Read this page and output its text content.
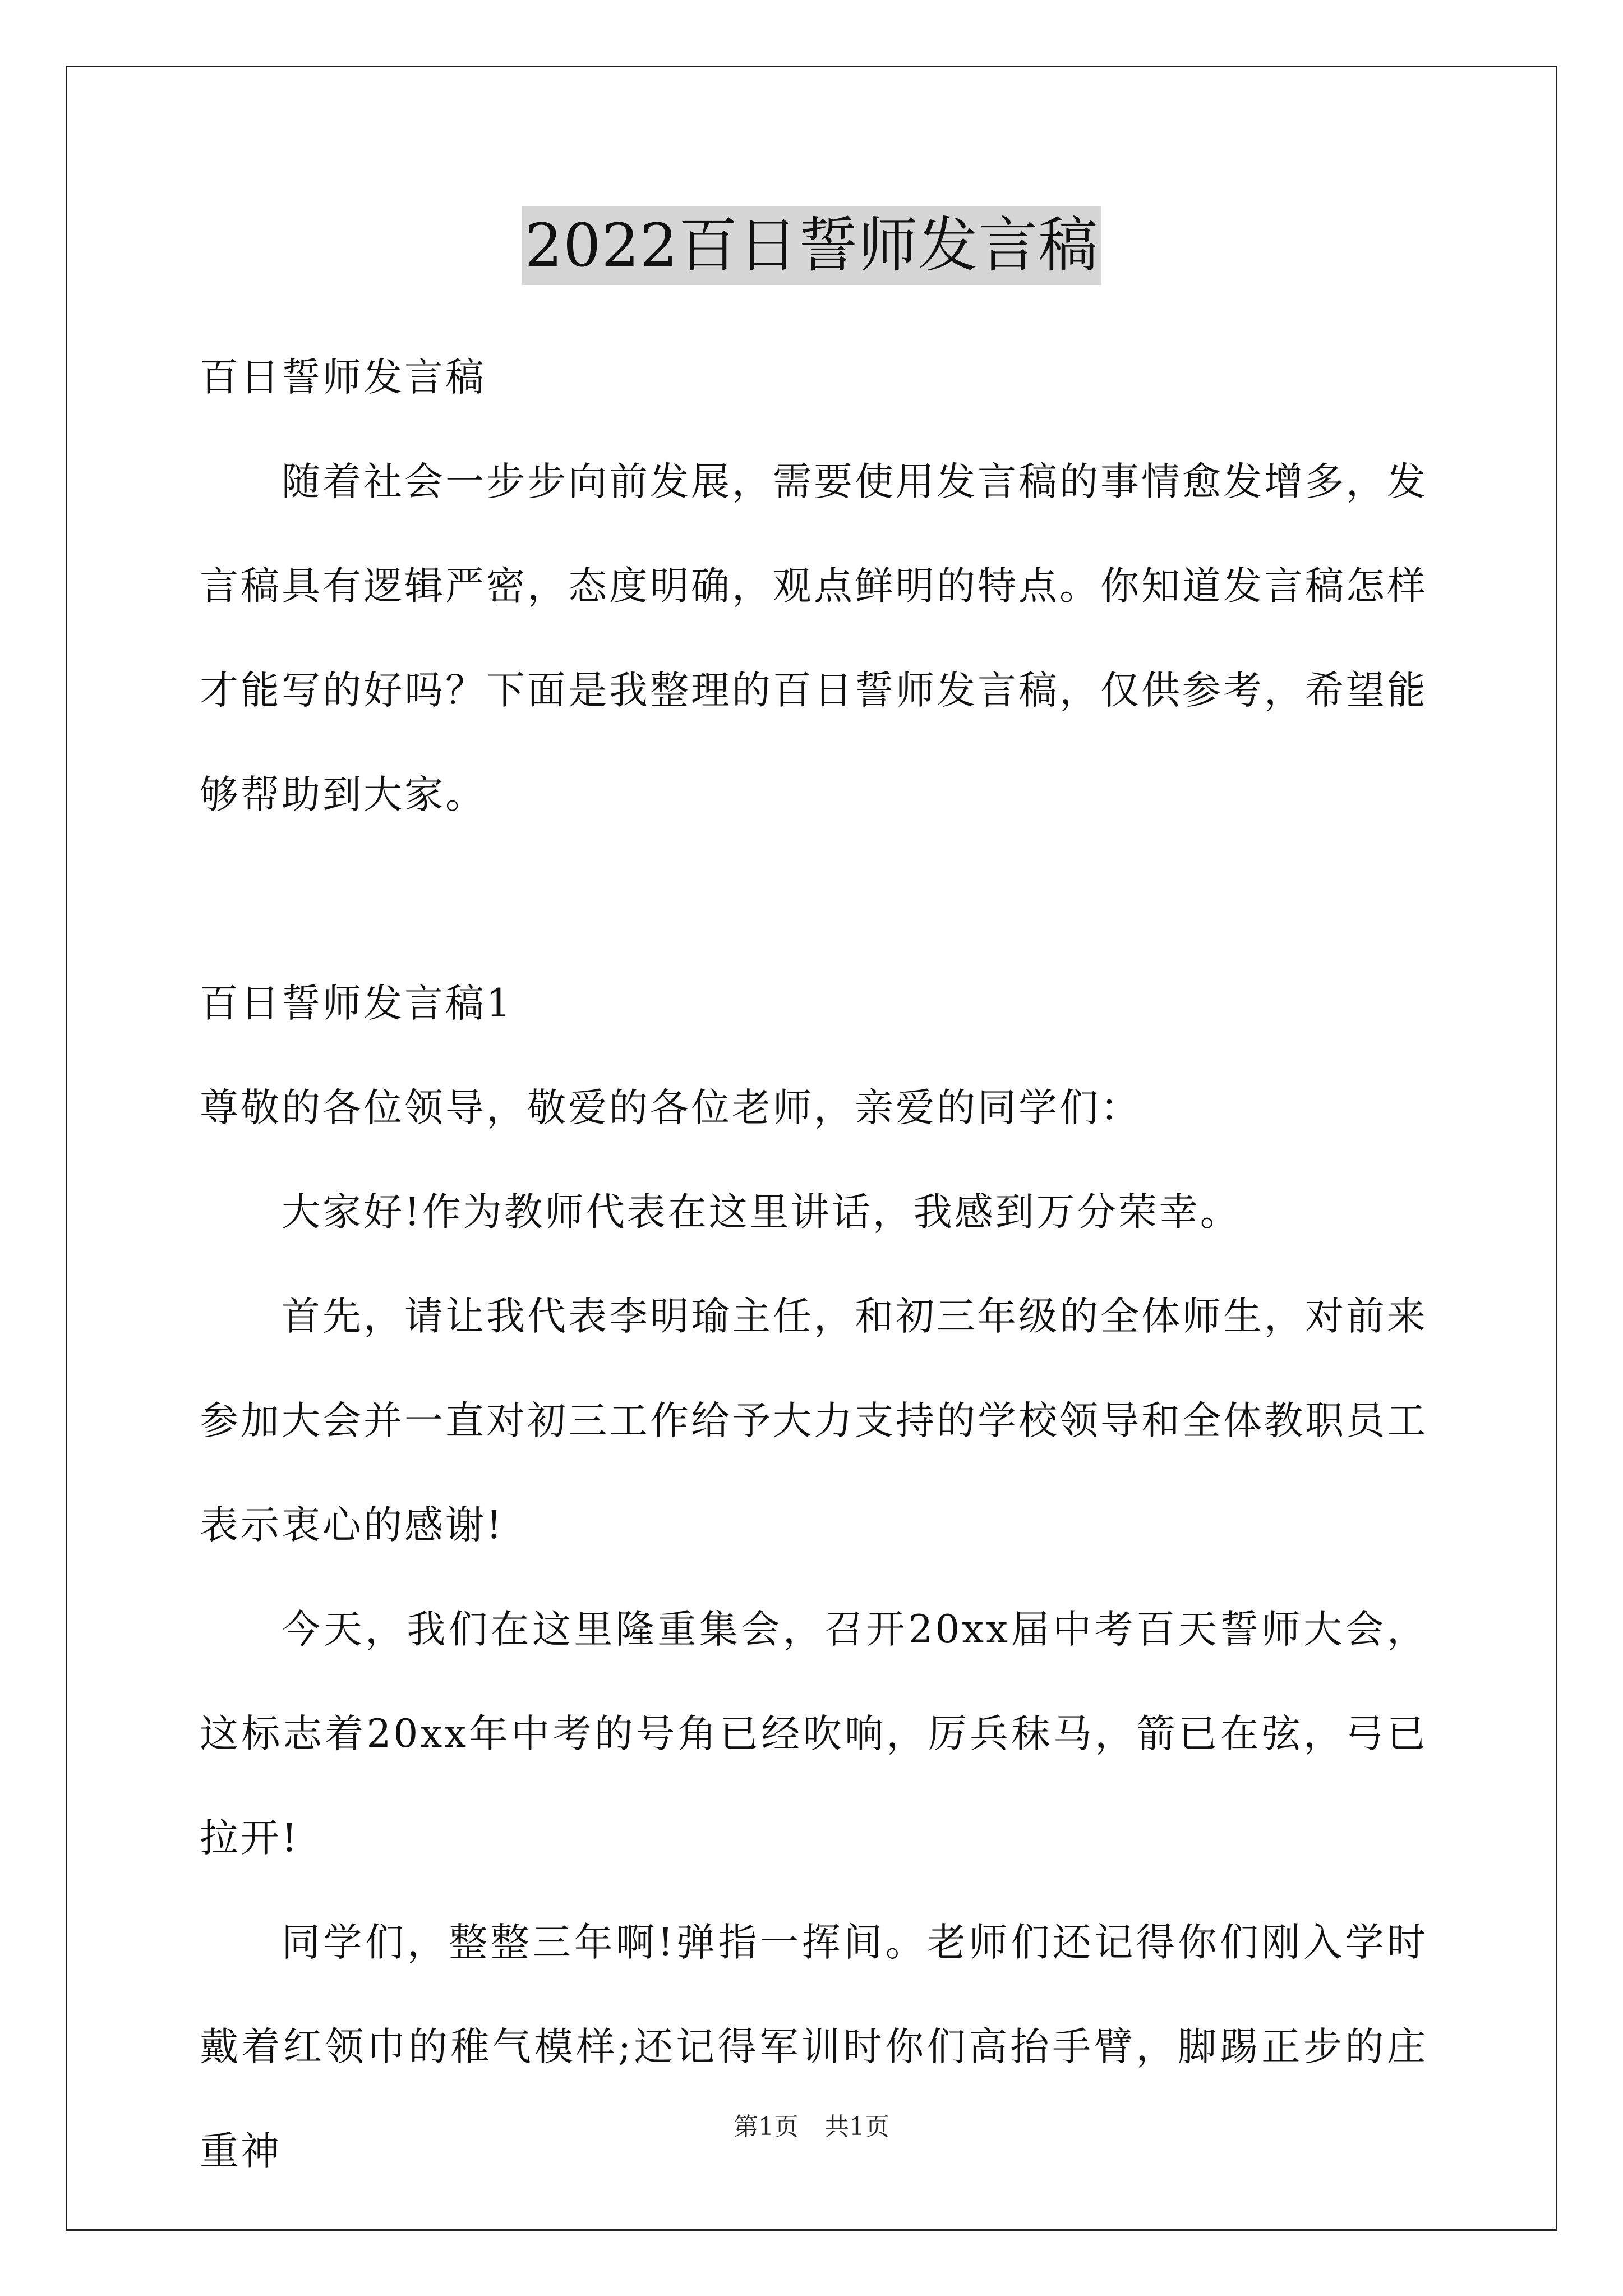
2022百日誓师发言稿

百日誓师发言稿

随着社会一步步向前发展，需要使用发言稿的事情愈发增多，发言稿具有逻辑严密，态度明确，观点鲜明的特点。你知道发言稿怎样才能写的好吗？下面是我整理的百日誓师发言稿，仅供参考，希望能够帮助到大家。

百日誓师发言稿1

尊敬的各位领导，敬爱的各位老师，亲爱的同学们：

大家好!作为教师代表在这里讲话，我感到万分荣幸。

首先，请让我代表李明瑜主任，和初三年级的全体师生，对前来参加大会并一直对初三工作给予大力支持的学校领导和全体教职员工表示衷心的感谢!

今天，我们在这里隆重集会，召开20xx届中考百天誓师大会，这标志着20xx年中考的号角已经吹响，厉兵秣马，箭已在弦，弓已拉开!

同学们，整整三年啊!弹指一挥间。老师们还记得你们刚入学时戴着红领巾的稚气模样;还记得军训时你们高抬手臂，脚踢正步的庄重神

第1页 共1页
